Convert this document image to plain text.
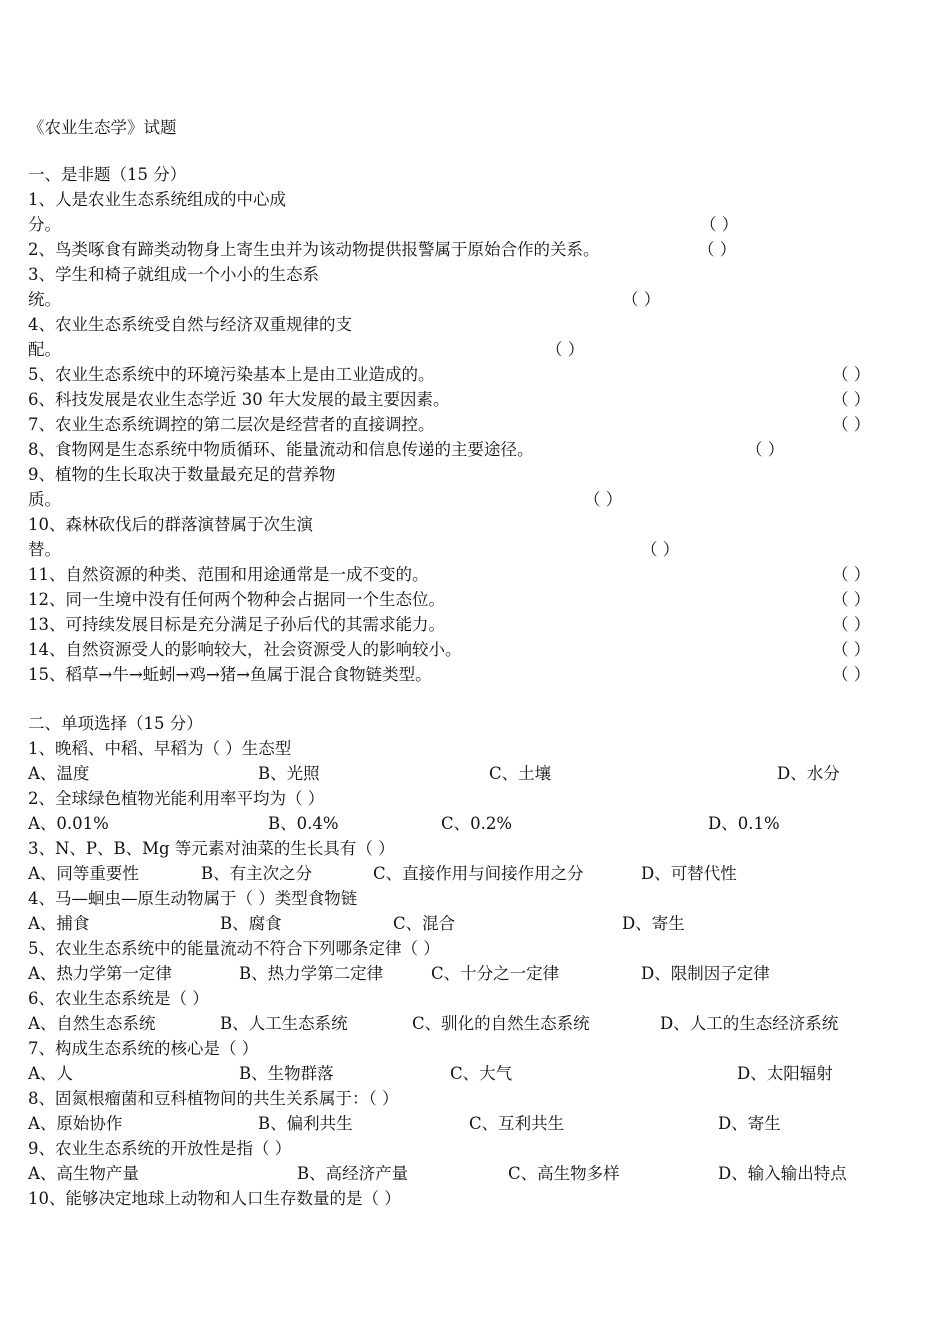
《农业生态学》试题
一、是非题（15 分）
1、人是农业生态系统组成的中心成
分。	（ ）
2、鸟类啄食有蹄类动物身上寄生虫并为该动物提供报警属于原始合作的关系。	（ ）
3、学生和椅子就组成一个小小的生态系
统。	（ ）
4、农业生态系统受自然与经济双重规律的支
配。	（ ）
5、农业生态系统中的环境污染基本上是由工业造成的。	（ ）
6、科技发展是农业生态学近 30 年大发展的最主要因素。	（ ）
7、农业生态系统调控的第二层次是经营者的直接调控。	（ ）
8、食物网是生态系统中物质循环、能量流动和信息传递的主要途径。	（ ）
9、植物的生长取决于数量最充足的营养物
质。	（ ）
10、森林砍伐后的群落演替属于次生演
替。	（ ）
11、自然资源的种类、范围和用途通常是一成不变的。	（ ）
12、同一生境中没有任何两个物种会占据同一个生态位。	（ ）
13、可持续发展目标是充分满足子孙后代的其需求能力。	（ ）
14、自然资源受人的影响较大，社会资源受人的影响较小。	（ ）
15、稻草→牛→蚯蚓→鸡→猪→鱼属于混合食物链类型。	（ ）
二、单项选择（15 分）
1、晚稻、中稻、早稻为（ ）生态型
A、温度	B、光照	C、土壤	D、水分
2、全球绿色植物光能利用率平均为（ ）
A、0.01%	B、0.4%	C、0.2%	D、0.1%
3、N、P、B、Mg 等元素对油菜的生长具有（ ）
A、同等重要性	B、有主次之分	C、直接作用与间接作用之分	D、可替代性
4、马—蛔虫—原生动物属于（ ）类型食物链
A、捕食	B、腐食	C、混合	D、寄生
5、农业生态系统中的能量流动不符合下列哪条定律（ ）
A、热力学第一定律	B、热力学第二定律	C、十分之一定律	D、限制因子定律
6、农业生态系统是（ ）
A、自然生态系统	B、人工生态系统	C、驯化的自然生态系统	D、人工的生态经济系统
7、构成生态系统的核心是（ ）
A、人	B、生物群落	C、大气	D、太阳辐射
8、固氮根瘤菌和豆科植物间的共生关系属于：（ ）
A、原始协作	B、偏利共生	C、互利共生	D、寄生
9、农业生态系统的开放性是指（ ）
A、高生物产量	B、高经济产量	C、高生物多样	D、输入输出特点
10、能够决定地球上动物和人口生存数量的是（ ）
